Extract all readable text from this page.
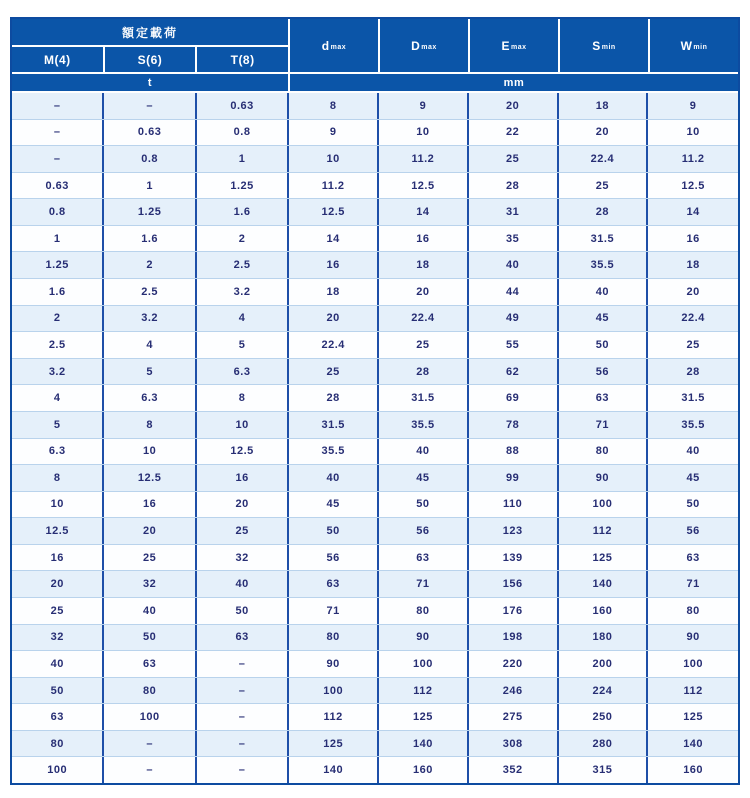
額定載荷
d max	D max	E max	S min	W min
M(4)	S(6)	T(8)
t	mm
–	–	0.63	8	9	20	18	9
–	0.63	0.8	9	10	22	20	10
–	0.8	1	10	11.2	25	22.4	11.2
0.63	1	1.25	11.2	12.5	28	25	12.5
0.8	1.25	1.6	12.5	14	31	28	14
1	1.6	2	14	16	35	31.5	16
1.25	2	2.5	16	18	40	35.5	18
1.6	2.5	3.2	18	20	44	40	20
2	3.2	4	20	22.4	49	45	22.4
2.5	4	5	22.4	25	55	50	25
3.2	5	6.3	25	28	62	56	28
4	6.3	8	28	31.5	69	63	31.5
5	8	10	31.5	35.5	78	71	35.5
6.3	10	12.5	35.5	40	88	80	40
8	12.5	16	40	45	99	90	45
10	16	20	45	50	110	100	50
12.5	20	25	50	56	123	112	56
16	25	32	56	63	139	125	63
20	32	40	63	71	156	140	71
25	40	50	71	80	176	160	80
32	50	63	80	90	198	180	90
40	63	–	90	100	220	200	100
50	80	–	100	112	246	224	112
63	100	–	112	125	275	250	125
80	–	–	125	140	308	280	140
100	–	–	140	160	352	315	160
